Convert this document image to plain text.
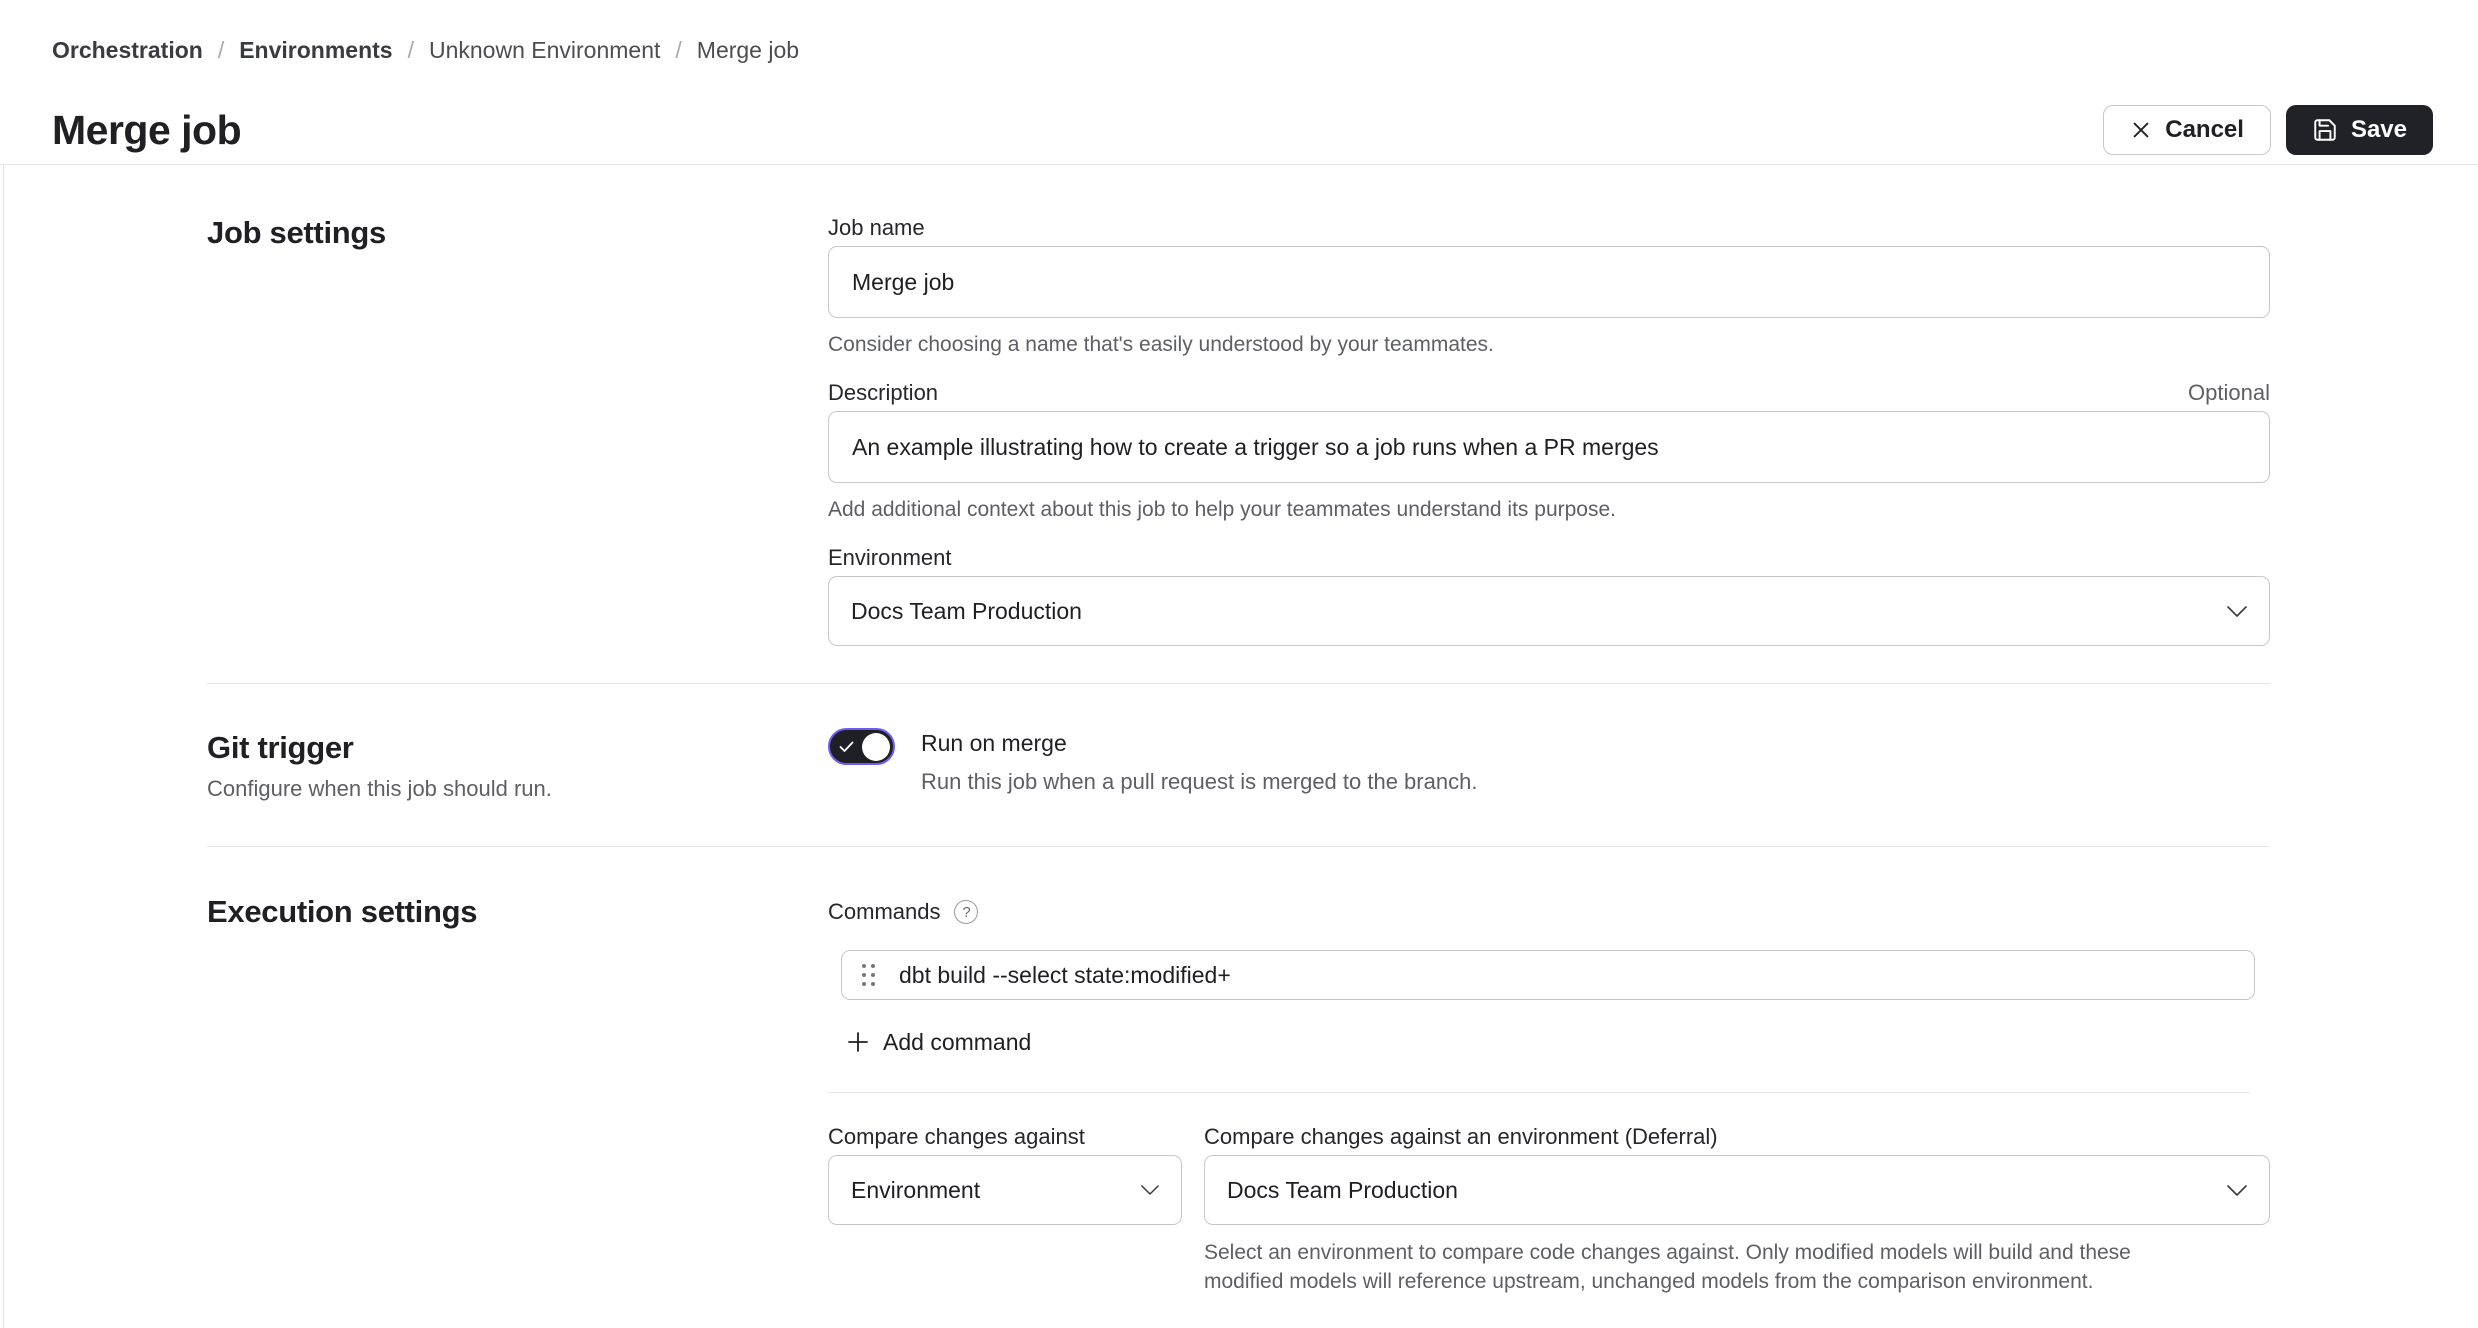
Orchestration / Environments / Unknown Environment / Merge job
Merge job	Cancel	Save
Job settings	Job name
Merge job
Consider choosing a name that's easily understood by your teammates.
Description	Optional
An example illustrating how to create a trigger so a job runs when a PR merges
Add additional context about this job to help your teammates understand its purpose.
Environment
Docs Team Production
Git trigger
Configure when this job should run.
Run on merge
Run this job when a pull request is merged to the branch.
Execution settings	Commands	?
dbt build --select state:modified+
Add command
Compare changes against
Environment
Compare changes against an environment (Deferral)
Docs Team Production
Select an environment to compare code changes against. Only modified models will build and these
modified models will reference upstream, unchanged models from the comparison environment.
